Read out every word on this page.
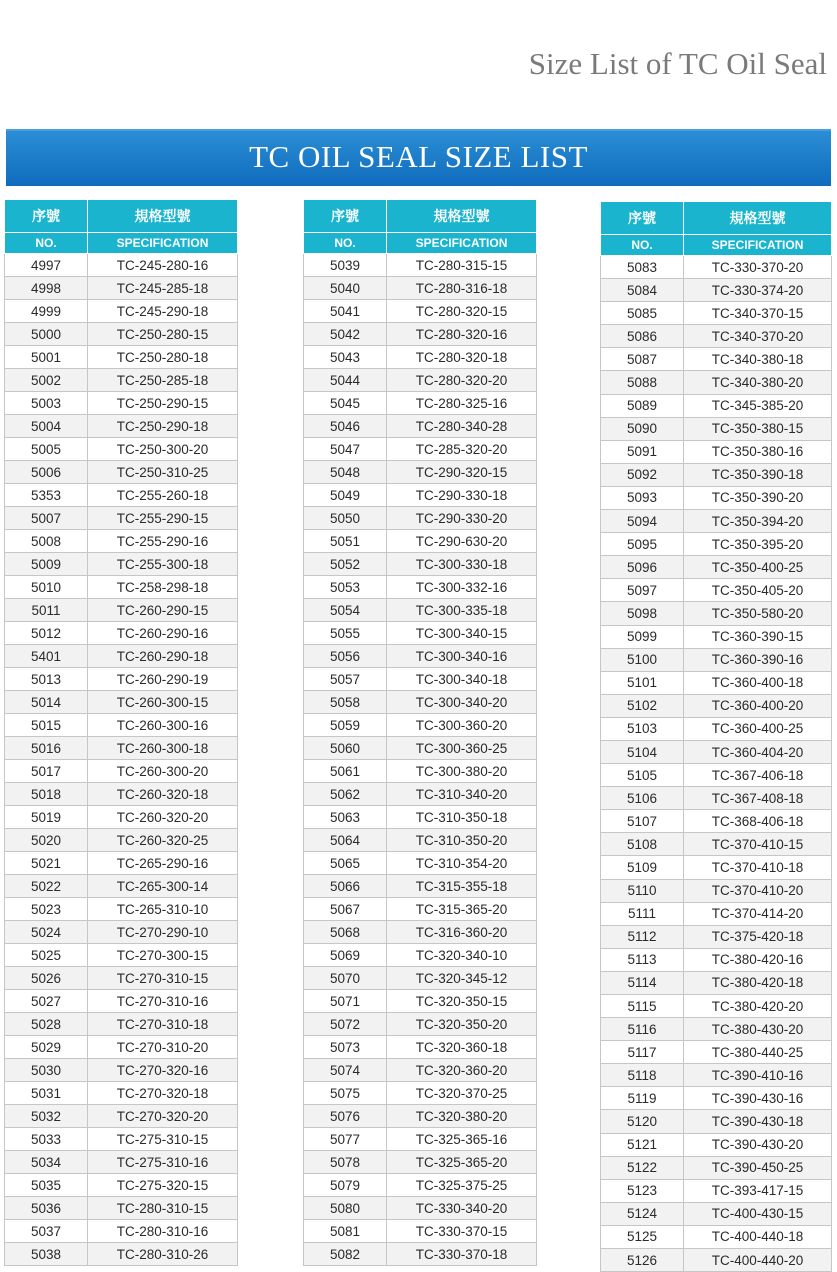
Size List of TC Oil Seal
TC OIL SEAL SIZE LIST
序號	規格型號
NO.	SPECIFICATION
4997	TC-245-280-16
4998	TC-245-285-18
4999	TC-245-290-18
5000	TC-250-280-15
5001	TC-250-280-18
5002	TC-250-285-18
5003	TC-250-290-15
5004	TC-250-290-18
5005	TC-250-300-20
5006	TC-250-310-25
5353	TC-255-260-18
5007	TC-255-290-15
5008	TC-255-290-16
5009	TC-255-300-18
5010	TC-258-298-18
5011	TC-260-290-15
5012	TC-260-290-16
5401	TC-260-290-18
5013	TC-260-290-19
5014	TC-260-300-15
5015	TC-260-300-16
5016	TC-260-300-18
5017	TC-260-300-20
5018	TC-260-320-18
5019	TC-260-320-20
5020	TC-260-320-25
5021	TC-265-290-16
5022	TC-265-300-14
5023	TC-265-310-10
5024	TC-270-290-10
5025	TC-270-300-15
5026	TC-270-310-15
5027	TC-270-310-16
5028	TC-270-310-18
5029	TC-270-310-20
5030	TC-270-320-16
5031	TC-270-320-18
5032	TC-270-320-20
5033	TC-275-310-15
5034	TC-275-310-16
5035	TC-275-320-15
5036	TC-280-310-15
5037	TC-280-310-16
5038	TC-280-310-26
序號	規格型號
NO.	SPECIFICATION
5039	TC-280-315-15
5040	TC-280-316-18
5041	TC-280-320-15
5042	TC-280-320-16
5043	TC-280-320-18
5044	TC-280-320-20
5045	TC-280-325-16
5046	TC-280-340-28
5047	TC-285-320-20
5048	TC-290-320-15
5049	TC-290-330-18
5050	TC-290-330-20
5051	TC-290-630-20
5052	TC-300-330-18
5053	TC-300-332-16
5054	TC-300-335-18
5055	TC-300-340-15
5056	TC-300-340-16
5057	TC-300-340-18
5058	TC-300-340-20
5059	TC-300-360-20
5060	TC-300-360-25
5061	TC-300-380-20
5062	TC-310-340-20
5063	TC-310-350-18
5064	TC-310-350-20
5065	TC-310-354-20
5066	TC-315-355-18
5067	TC-315-365-20
5068	TC-316-360-20
5069	TC-320-340-10
5070	TC-320-345-12
5071	TC-320-350-15
5072	TC-320-350-20
5073	TC-320-360-18
5074	TC-320-360-20
5075	TC-320-370-25
5076	TC-320-380-20
5077	TC-325-365-16
5078	TC-325-365-20
5079	TC-325-375-25
5080	TC-330-340-20
5081	TC-330-370-15
5082	TC-330-370-18
序號	規格型號
NO.	SPECIFICATION
5083	TC-330-370-20
5084	TC-330-374-20
5085	TC-340-370-15
5086	TC-340-370-20
5087	TC-340-380-18
5088	TC-340-380-20
5089	TC-345-385-20
5090	TC-350-380-15
5091	TC-350-380-16
5092	TC-350-390-18
5093	TC-350-390-20
5094	TC-350-394-20
5095	TC-350-395-20
5096	TC-350-400-25
5097	TC-350-405-20
5098	TC-350-580-20
5099	TC-360-390-15
5100	TC-360-390-16
5101	TC-360-400-18
5102	TC-360-400-20
5103	TC-360-400-25
5104	TC-360-404-20
5105	TC-367-406-18
5106	TC-367-408-18
5107	TC-368-406-18
5108	TC-370-410-15
5109	TC-370-410-18
5110	TC-370-410-20
5111	TC-370-414-20
5112	TC-375-420-18
5113	TC-380-420-16
5114	TC-380-420-18
5115	TC-380-420-20
5116	TC-380-430-20
5117	TC-380-440-25
5118	TC-390-410-16
5119	TC-390-430-16
5120	TC-390-430-18
5121	TC-390-430-20
5122	TC-390-450-25
5123	TC-393-417-15
5124	TC-400-430-15
5125	TC-400-440-18
5126	TC-400-440-20
